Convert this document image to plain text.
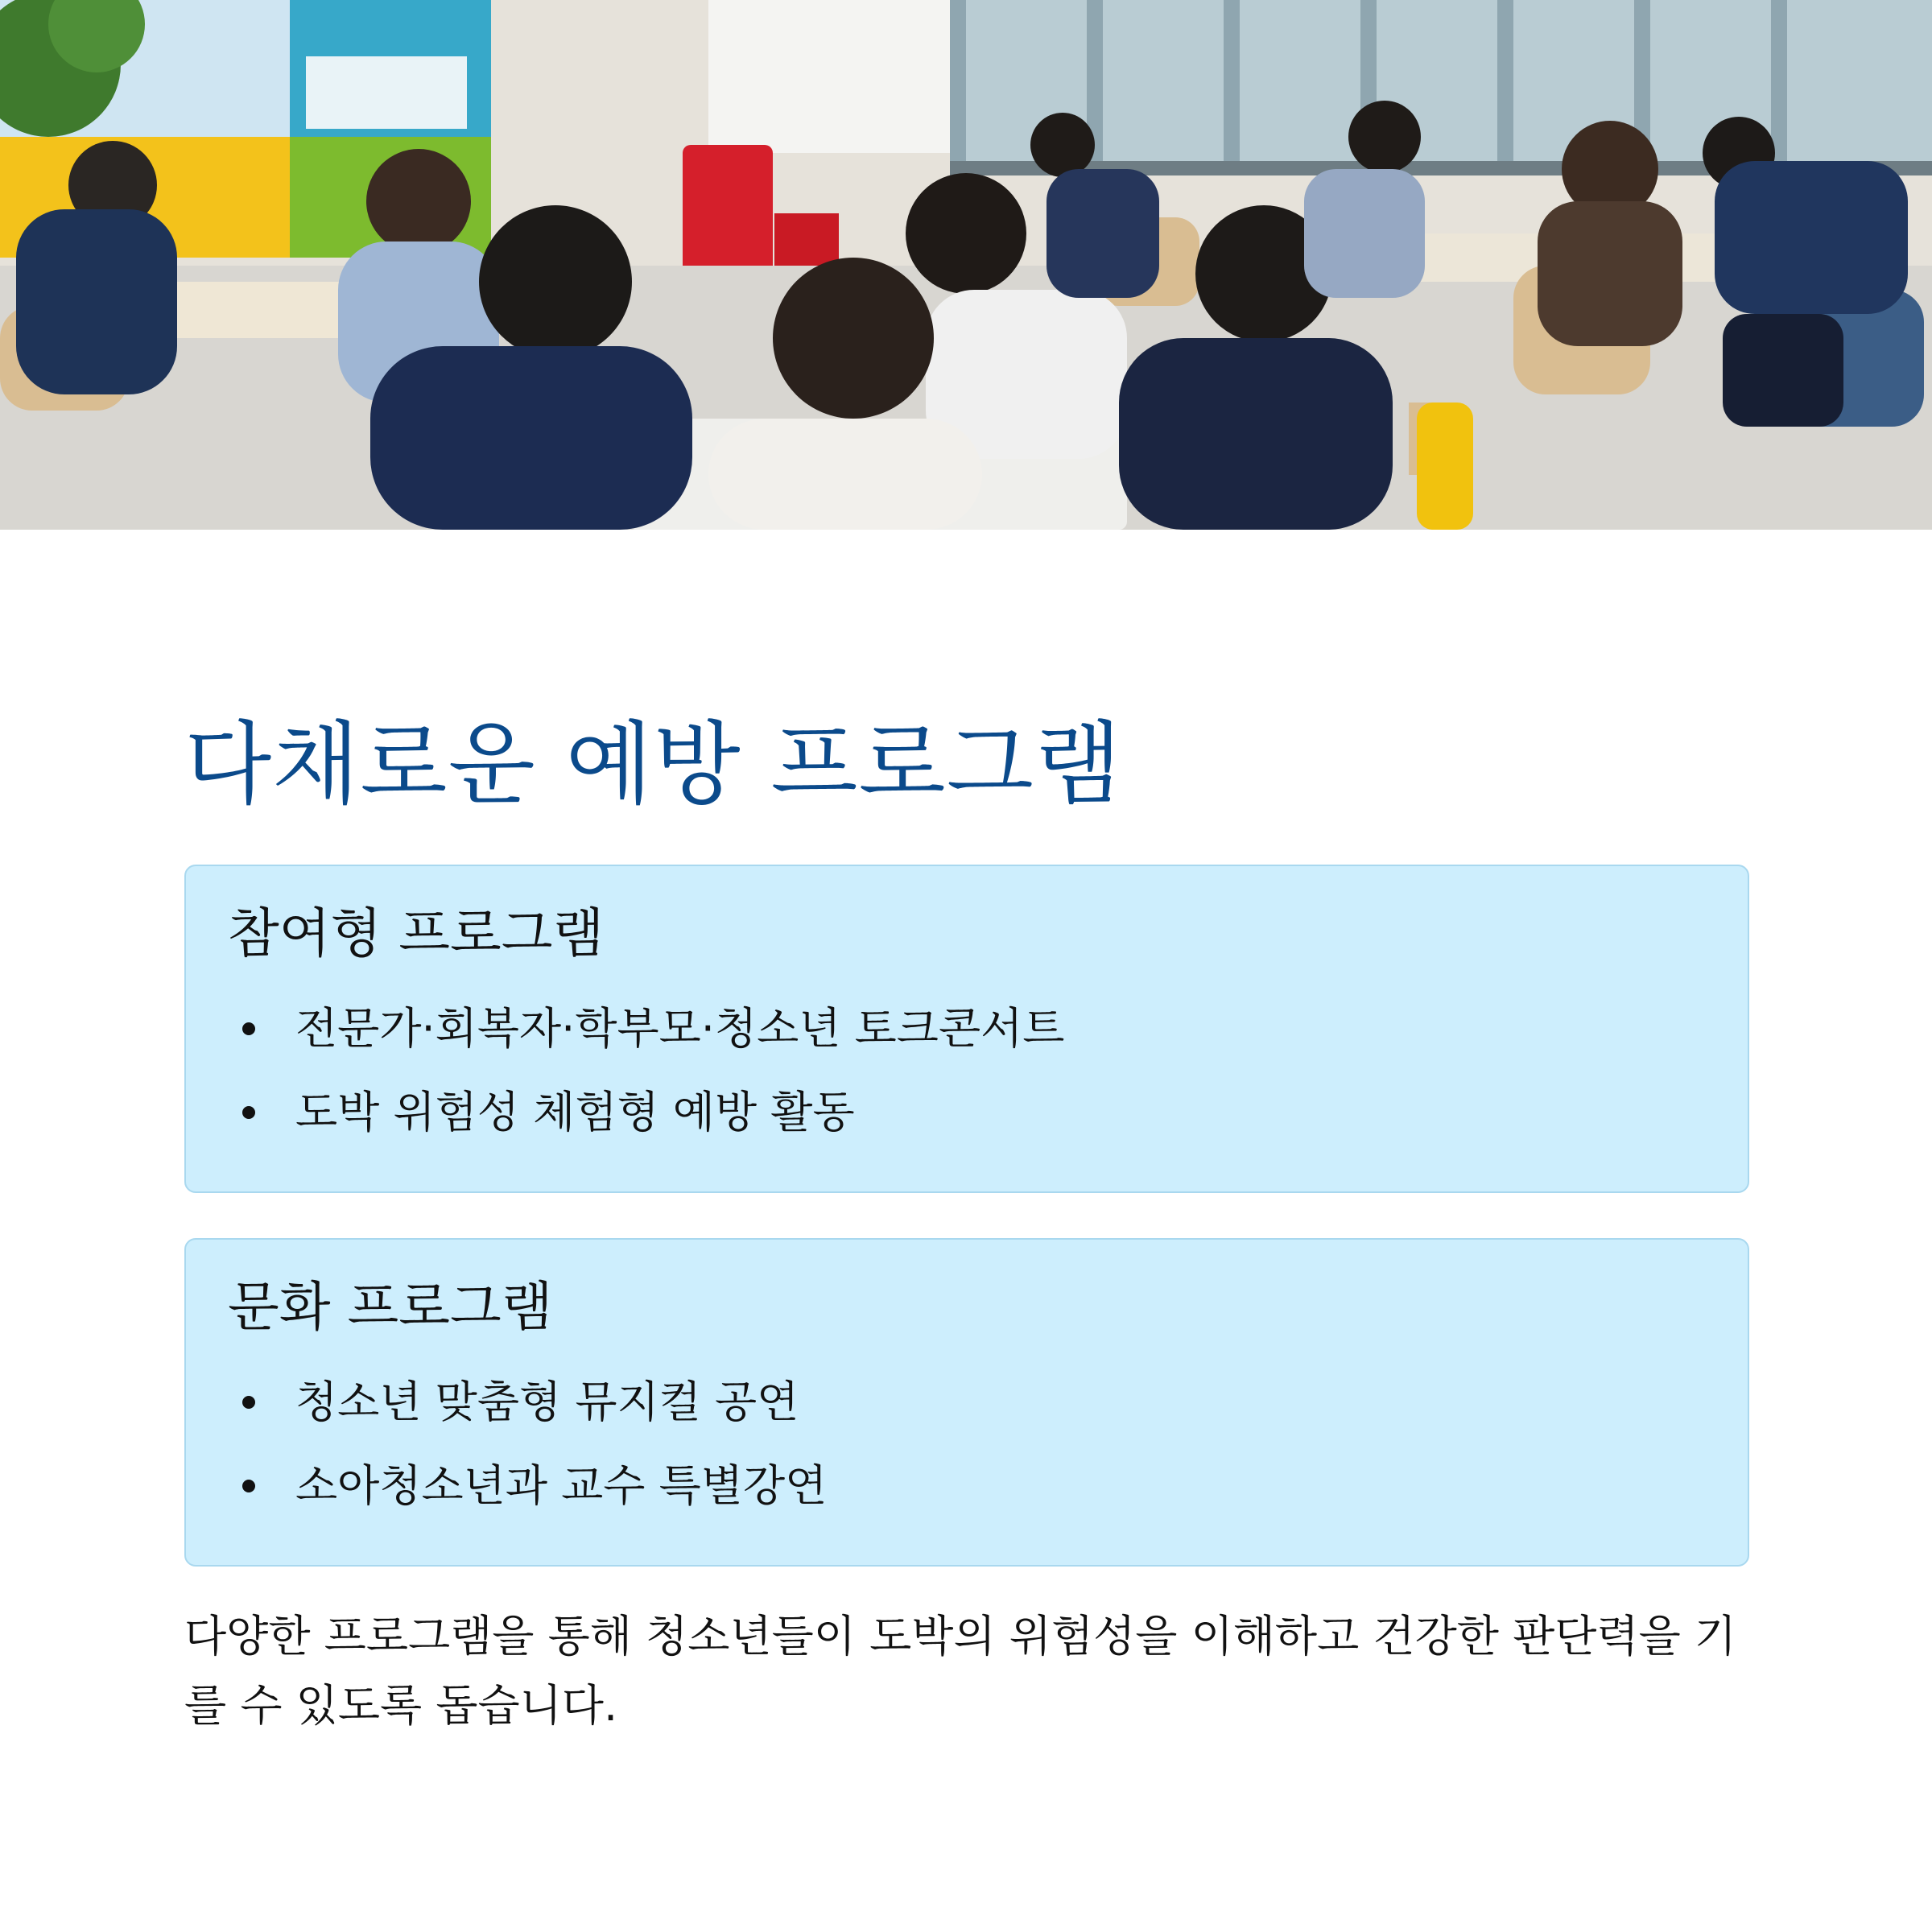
다채로운 예방 프로그램
참여형 프로그램
전문가·회복자·학부모·청소년 토크콘서트
도박 위험성 체험형 예방 활동
문화 프로그램
청소년 맞춤형 뮤지컬 공연
소아청소년과 교수 특별강연

다양한 프로그램을 통해 청소년들이 도박의 위험성을 이해하고 건강한 판단력을 기를 수 있도록 돕습니다.
